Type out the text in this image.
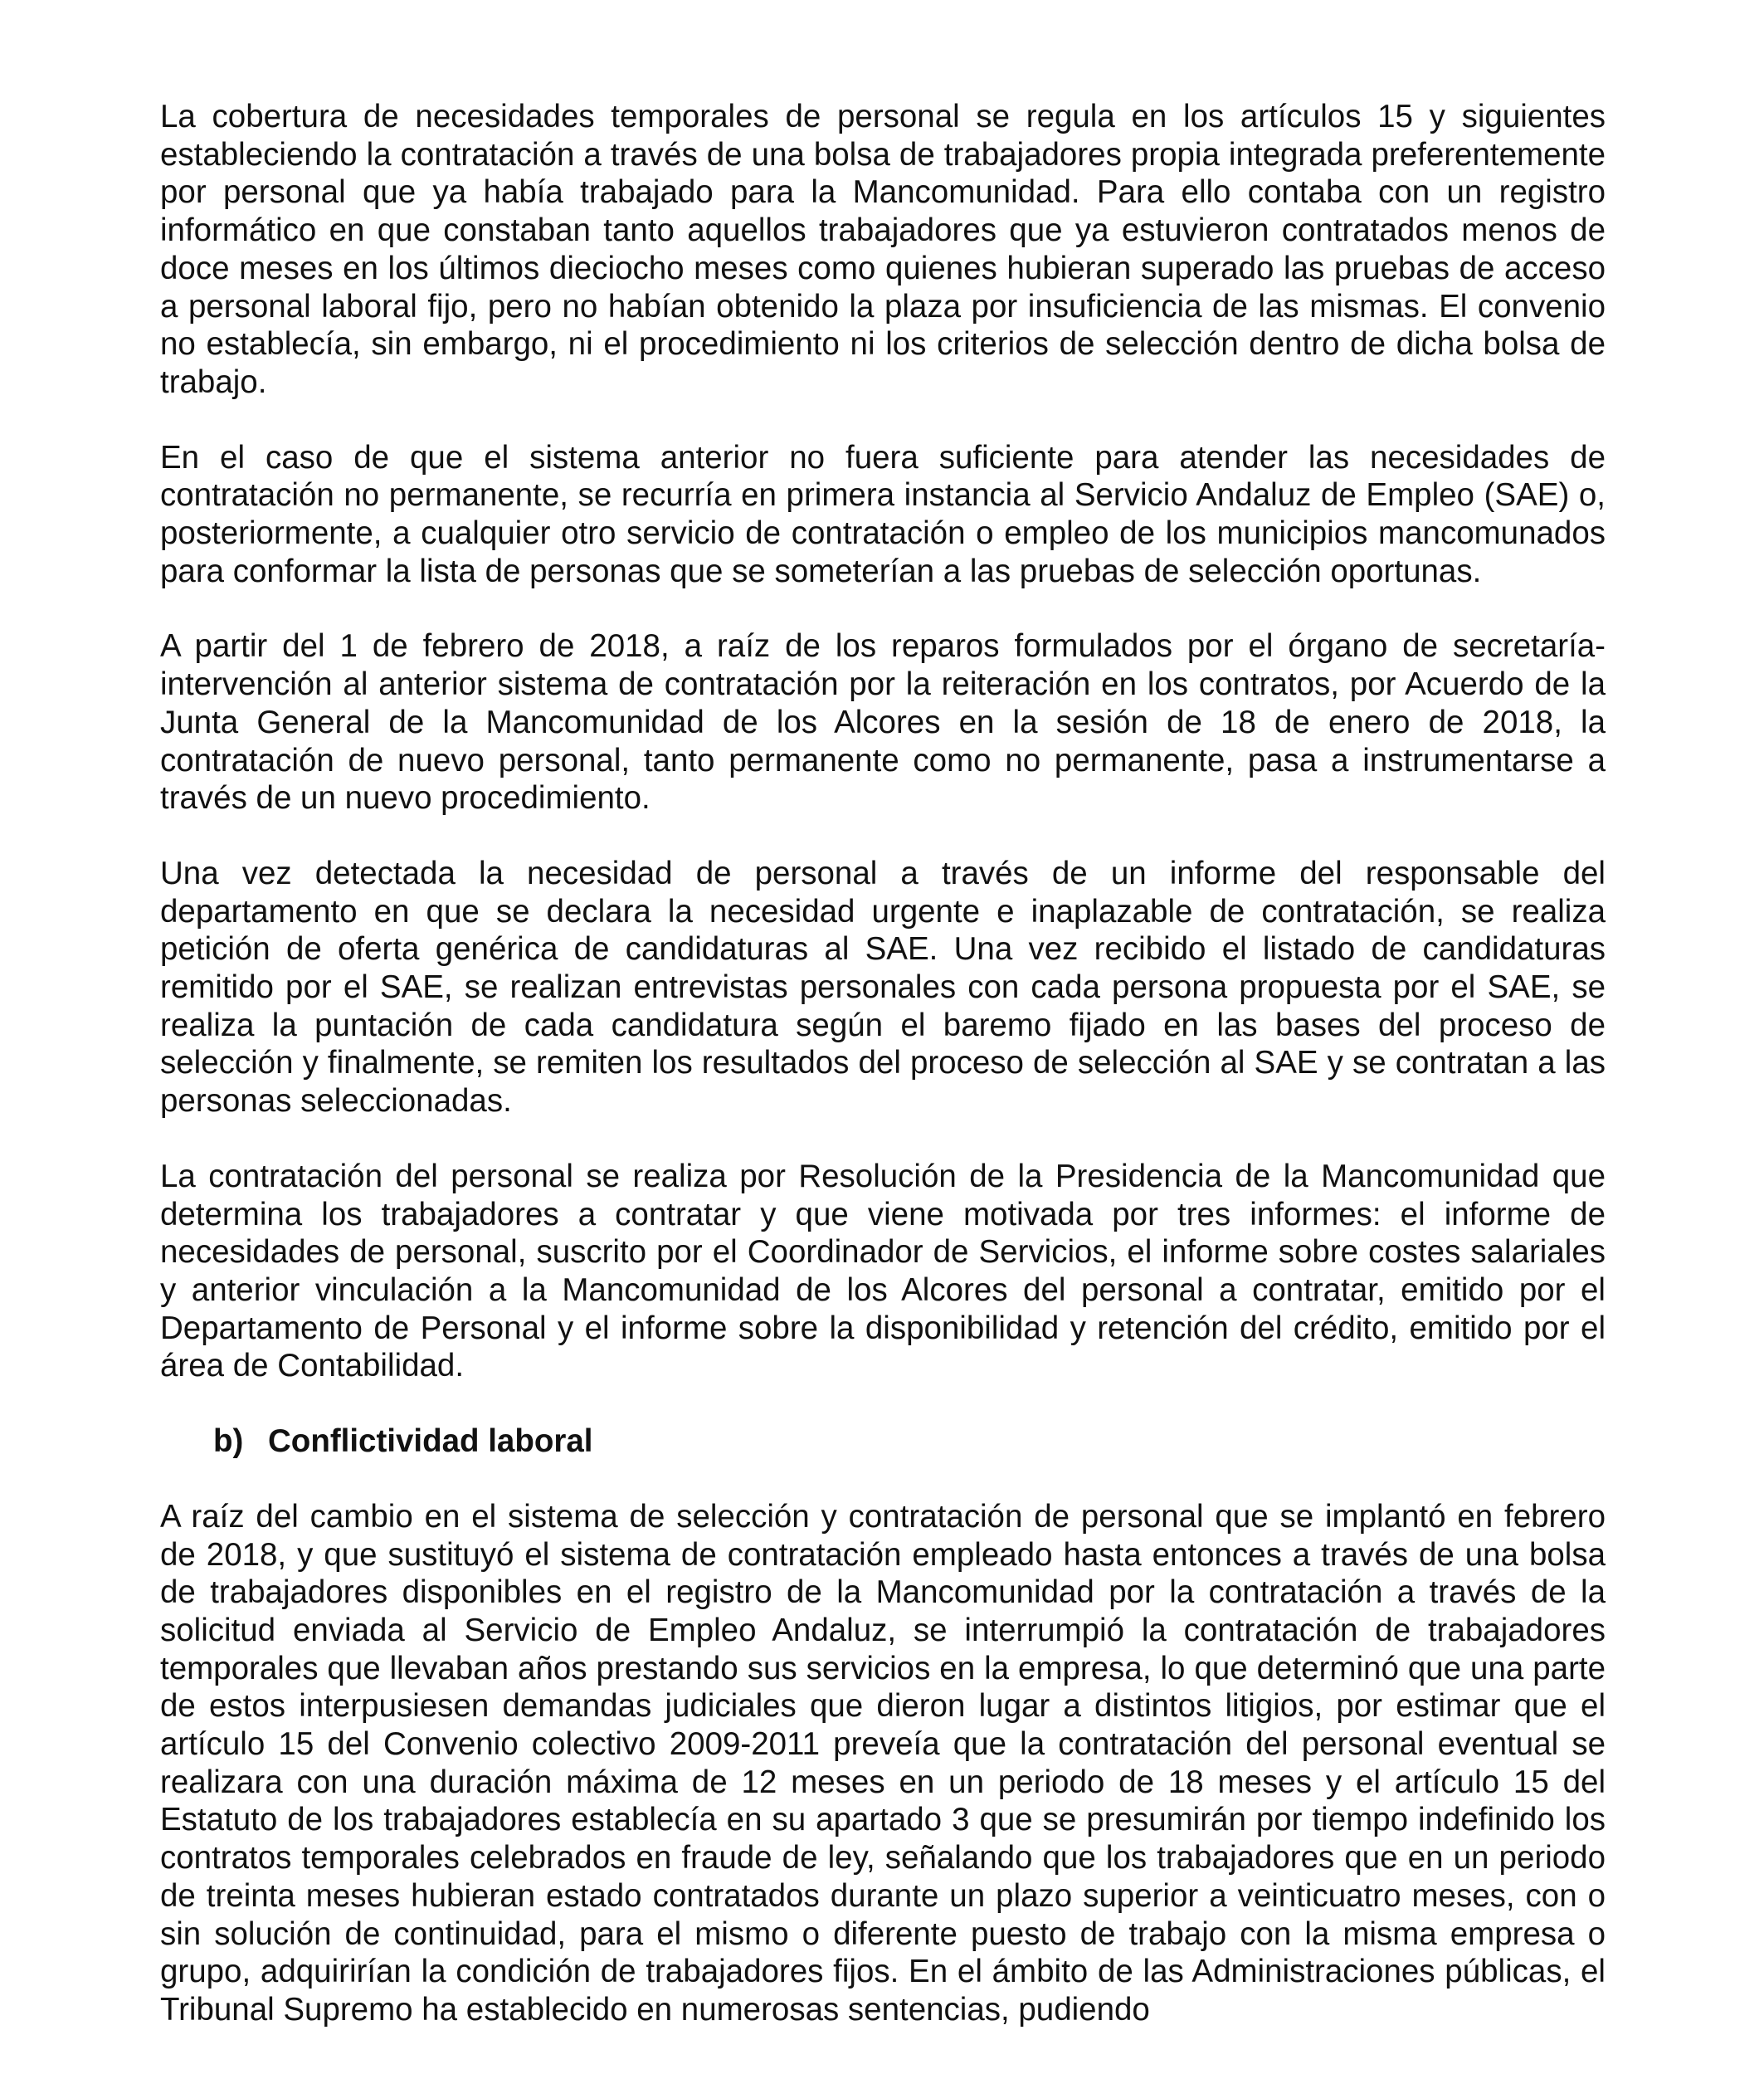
La cobertura de necesidades temporales de personal se regula en los artículos 15 y siguientes estableciendo la contratación a través de una bolsa de trabajadores propia integrada preferentemente por personal que ya había trabajado para la Mancomunidad. Para ello contaba con un registro informático en que constaban tanto aquellos trabajadores que ya estuvieron contratados menos de doce meses en los últimos dieciocho meses como quienes hubieran superado las pruebas de acceso a personal laboral fijo, pero no habían obtenido la plaza por insuficiencia de las mismas. El convenio no establecía, sin embargo, ni el procedimiento ni los criterios de selección dentro de dicha bolsa de trabajo.

En el caso de que el sistema anterior no fuera suficiente para atender las necesidades de contratación no permanente, se recurría en primera instancia al Servicio Andaluz de Empleo (SAE) o, posteriormente, a cualquier otro servicio de contratación o empleo de los municipios mancomunados para conformar la lista de personas que se someterían a las pruebas de selección oportunas.

A partir del 1 de febrero de 2018, a raíz de los reparos formulados por el órgano de secretaría-intervención al anterior sistema de contratación por la reiteración en los contratos, por Acuerdo de la Junta General de la Mancomunidad de los Alcores en la sesión de 18 de enero de 2018, la contratación de nuevo personal, tanto permanente como no permanente, pasa a instrumentarse a través de un nuevo procedimiento.

Una vez detectada la necesidad de personal a través de un informe del responsable del departamento en que se declara la necesidad urgente e inaplazable de contratación, se realiza petición de oferta genérica de candidaturas al SAE. Una vez recibido el listado de candidaturas remitido por el SAE, se realizan entrevistas personales con cada persona propuesta por el SAE, se realiza la puntación de cada candidatura según el baremo fijado en las bases del proceso de selección y finalmente, se remiten los resultados del proceso de selección al SAE y se contratan a las personas seleccionadas.

La contratación del personal se realiza por Resolución de la Presidencia de la Mancomunidad que determina los trabajadores a contratar y que viene motivada por tres informes: el informe de necesidades de personal, suscrito por el Coordinador de Servicios, el informe sobre costes salariales y anterior vinculación a la Mancomunidad de los Alcores del personal a contratar, emitido por el Departamento de Personal y el informe sobre la disponibilidad y retención del crédito, emitido por el área de Contabilidad.

b) Conflictividad laboral

A raíz del cambio en el sistema de selección y contratación de personal que se implantó en febrero de 2018, y que sustituyó el sistema de contratación empleado hasta entonces a través de una bolsa de trabajadores disponibles en el registro de la Mancomunidad por la contratación a través de la solicitud enviada al Servicio de Empleo Andaluz, se interrumpió la contratación de trabajadores temporales que llevaban años prestando sus servicios en la empresa, lo que determinó que una parte de estos interpusiesen demandas judiciales que dieron lugar a distintos litigios, por estimar que el artículo 15 del Convenio colectivo 2009-2011 preveía que la contratación del personal eventual se realizara con una duración máxima de 12 meses en un periodo de 18 meses y el artículo 15 del Estatuto de los trabajadores establecía en su apartado 3 que se presumirán por tiempo indefinido los contratos temporales celebrados en fraude de ley, señalando que los trabajadores que en un periodo de treinta meses hubieran estado contratados durante un plazo superior a veinticuatro meses, con o sin solución de continuidad, para el mismo o diferente puesto de trabajo con la misma empresa o grupo, adquirirían la condición de trabajadores fijos. En el ámbito de las Administraciones públicas, el Tribunal Supremo ha establecido en numerosas sentencias, pudiendo
